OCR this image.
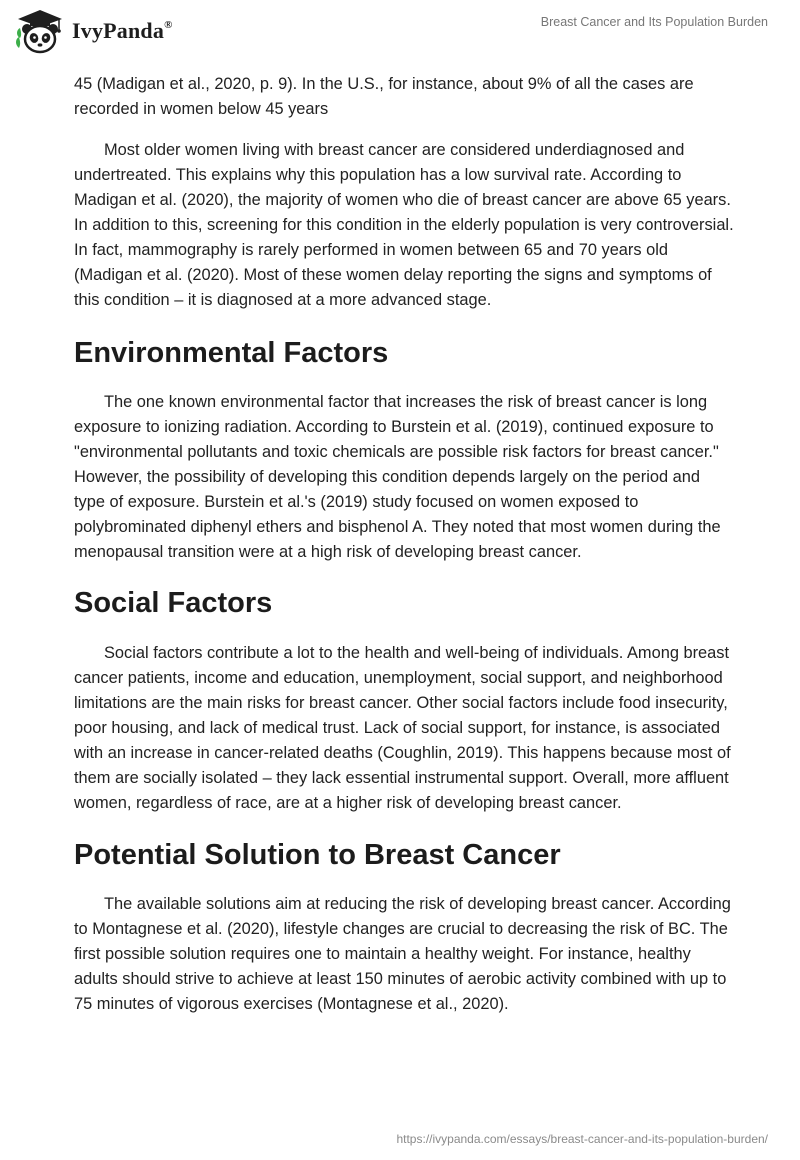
IvyPanda®	Breast Cancer and Its Population Burden

45 (Madigan et al., 2020, p. 9). In the U.S., for instance, about 9% of all the cases are recorded in women below 45 years

Most older women living with breast cancer are considered underdiagnosed and undertreated. This explains why this population has a low survival rate. According to Madigan et al. (2020), the majority of women who die of breast cancer are above 65 years. In addition to this, screening for this condition in the elderly population is very controversial. In fact, mammography is rarely performed in women between 65 and 70 years old (Madigan et al. (2020). Most of these women delay reporting the signs and symptoms of this condition – it is diagnosed at a more advanced stage.

Environmental Factors

The one known environmental factor that increases the risk of breast cancer is long exposure to ionizing radiation. According to Burstein et al. (2019), continued exposure to "environmental pollutants and toxic chemicals are possible risk factors for breast cancer." However, the possibility of developing this condition depends largely on the period and type of exposure. Burstein et al.'s (2019) study focused on women exposed to polybrominated diphenyl ethers and bisphenol A. They noted that most women during the menopausal transition were at a high risk of developing breast cancer.

Social Factors

Social factors contribute a lot to the health and well-being of individuals. Among breast cancer patients, income and education, unemployment, social support, and neighborhood limitations are the main risks for breast cancer. Other social factors include food insecurity, poor housing, and lack of medical trust. Lack of social support, for instance, is associated with an increase in cancer-related deaths (Coughlin, 2019). This happens because most of them are socially isolated – they lack essential instrumental support. Overall, more affluent women, regardless of race, are at a higher risk of developing breast cancer.

Potential Solution to Breast Cancer

The available solutions aim at reducing the risk of developing breast cancer. According to Montagnese et al. (2020), lifestyle changes are crucial to decreasing the risk of BC. The first possible solution requires one to maintain a healthy weight. For instance, healthy adults should strive to achieve at least 150 minutes of aerobic activity combined with up to 75 minutes of vigorous exercises (Montagnese et al., 2020).

https://ivypanda.com/essays/breast-cancer-and-its-population-burden/
